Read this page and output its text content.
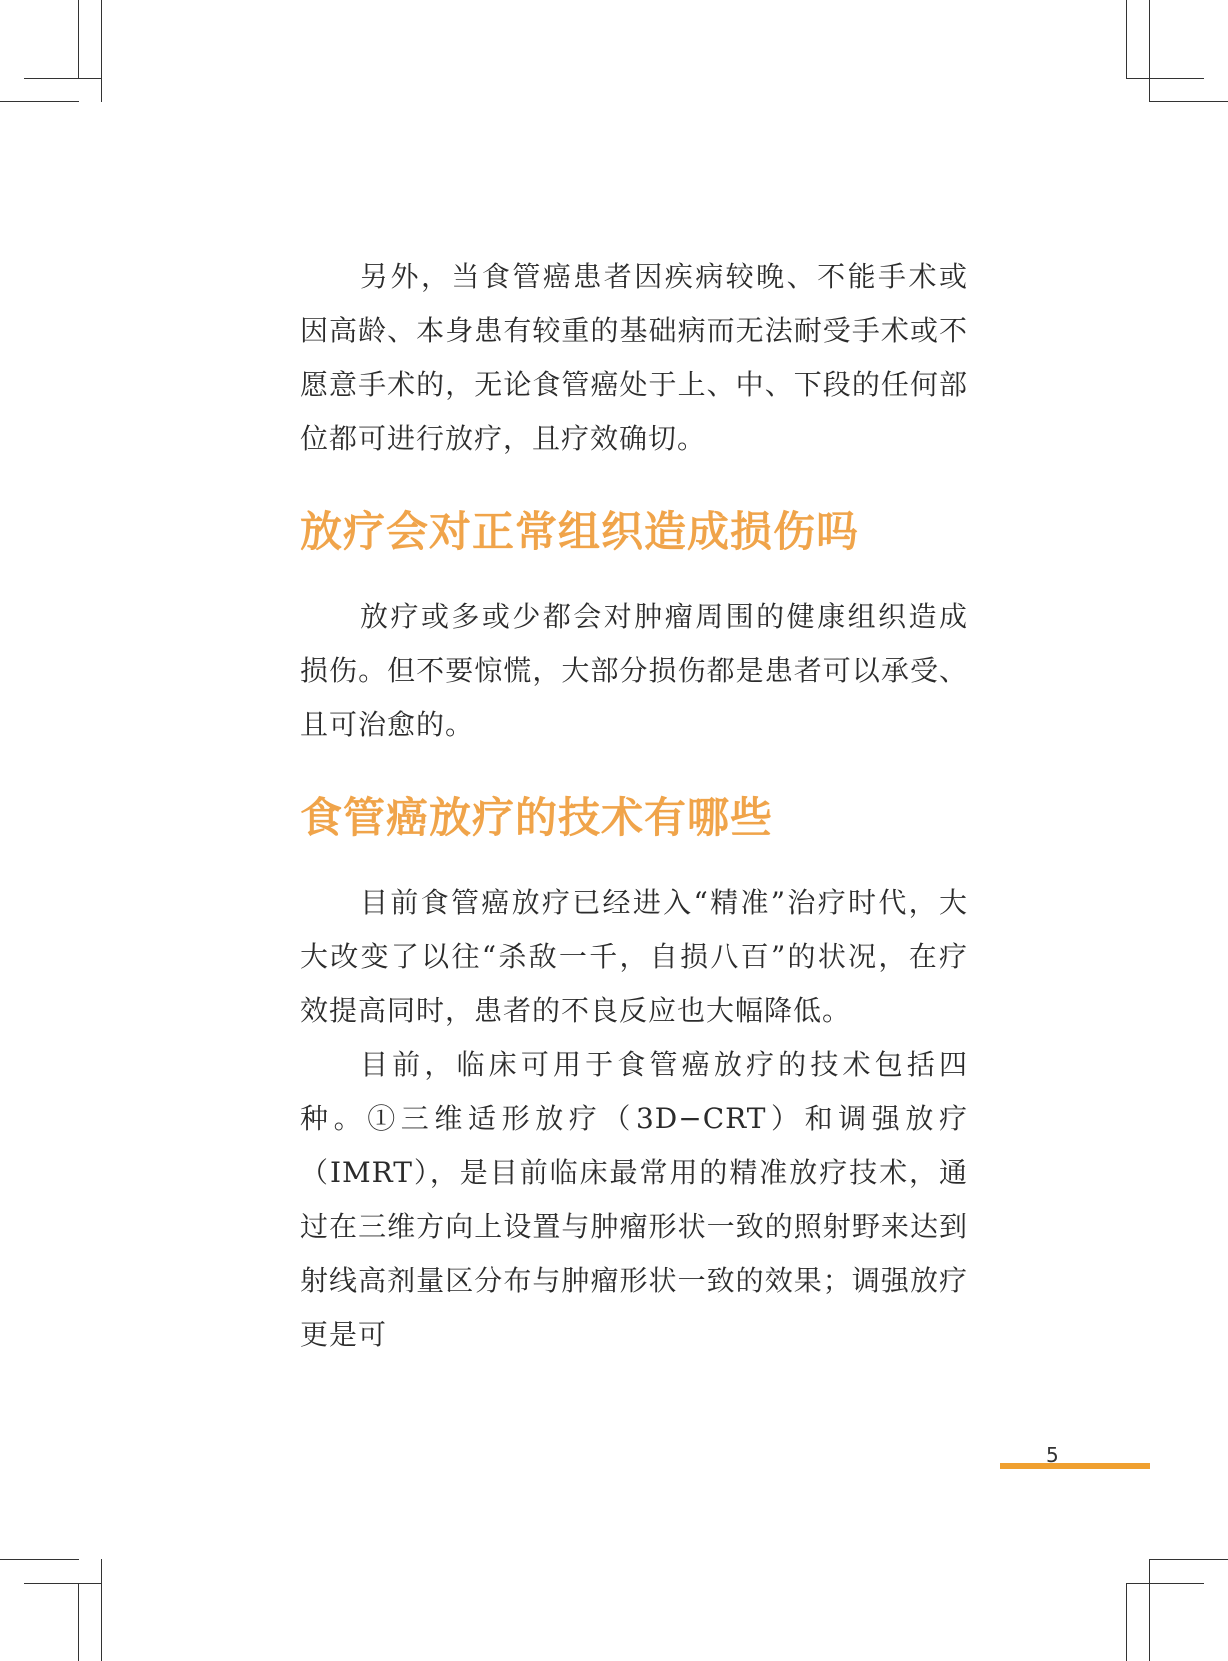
另外，当食管癌患者因疾病较晚、不能手术或因高龄、本身患有较重的基础病而无法耐受手术或不愿意手术的，无论食管癌处于上、中、下段的任何部位都可进行放疗，且疗效确切。

放疗会对正常组织造成损伤吗

放疗或多或少都会对肿瘤周围的健康组织造成损伤。但不要惊慌，大部分损伤都是患者可以承受、且可治愈的。

食管癌放疗的技术有哪些

目前食管癌放疗已经进入“精准”治疗时代，大大改变了以往“杀敌一千，自损八百”的状况，在疗效提高同时，患者的不良反应也大幅降低。

目前，临床可用于食管癌放疗的技术包括四种。①三维适形放疗（3D−CRT）和调强放疗（IMRT），是目前临床最常用的精准放疗技术，通过在三维方向上设置与肿瘤形状一致的照射野来达到射线高剂量区分布与肿瘤形状一致的效果；调强放疗更是可

5
